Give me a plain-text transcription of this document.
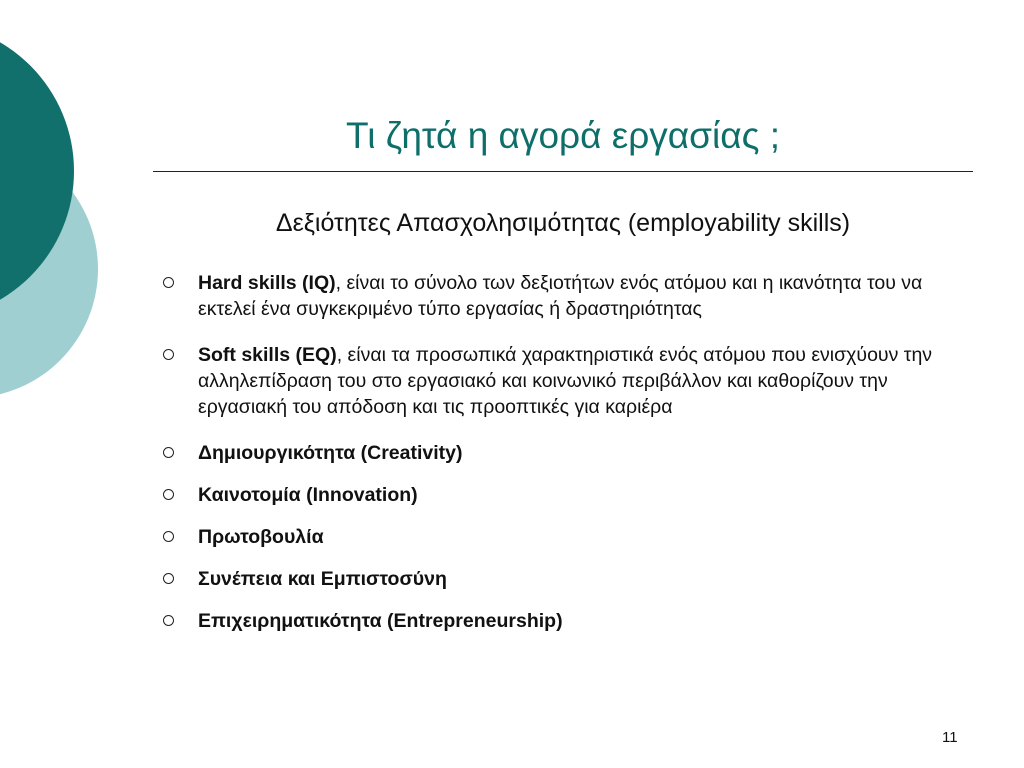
Τι ζητά η αγορά εργασίας ;
Δεξιότητες Απασχολησιμότητας (employability skills)
Hard skills (IQ), είναι το σύνολο των δεξιοτήτων ενός ατόμου και η ικανότητα του να εκτελεί ένα συγκεκριμένο τύπο εργασίας ή δραστηριότητας
Soft skills (EQ), είναι τα προσωπικά χαρακτηριστικά ενός ατόμου που ενισχύουν την αλληλεπίδραση του στο εργασιακό και κοινωνικό περιβάλλον και καθορίζουν την εργασιακή του απόδοση και τις προοπτικές για καριέρα
Δημιουργικότητα (Creativity)
Καινοτομία (Innovation)
Πρωτοβουλία
Συνέπεια και Εμπιστοσύνη
Επιχειρηματικότητα (Entrepreneurship)
11
